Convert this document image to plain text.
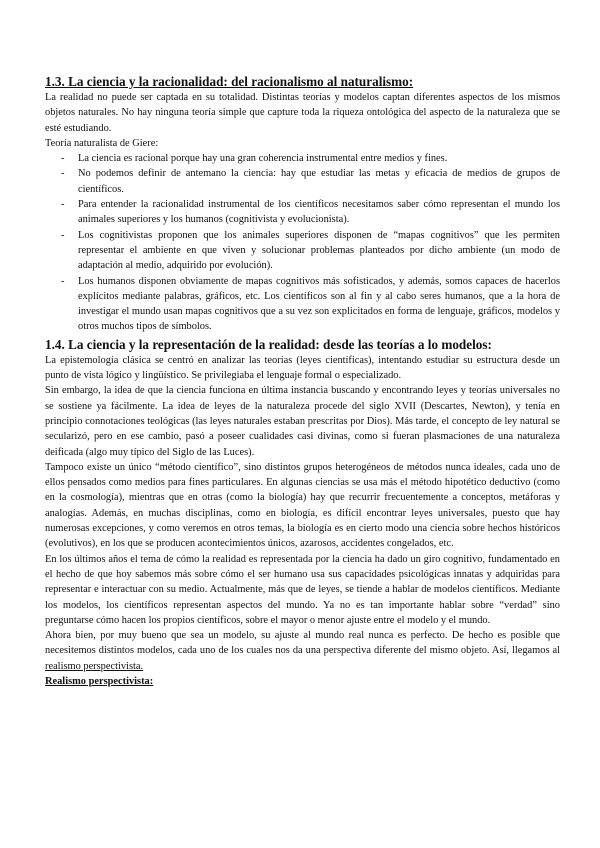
1.3. La ciencia y la racionalidad: del racionalismo al naturalismo:

La realidad no puede ser captada en su totalidad. Distintas teorías y modelos captan diferentes aspectos de los mismos objetos naturales. No hay ninguna teoría simple que capture toda la riqueza ontológica del aspecto de la naturaleza que se esté estudiando.

Teoría naturalista de Giere:

- La ciencia es racional porque hay una gran coherencia instrumental entre medios y fines.
- No podemos definir de antemano la ciencia: hay que estudiar las metas y eficacia de medios de grupos de científicos.
- Para entender la racionalidad instrumental de los científicos necesitamos saber cómo representan el mundo los animales superiores y los humanos (cognitivista y evolucionista).
- Los cognitivistas proponen que los animales superiores disponen de “mapas cognitivos” que les permiten representar el ambiente en que viven y solucionar problemas planteados por dicho ambiente (un modo de adaptación al medio, adquirido por evolución).
- Los humanos disponen obviamente de mapas cognitivos más sofisticados, y además, somos capaces de hacerlos explícitos mediante palabras, gráficos, etc. Los científicos son al fin y al cabo seres humanos, que a la hora de investigar el mundo usan mapas cognitivos que a su vez son explicitados en forma de lenguaje, gráficos, modelos y otros muchos tipos de símbolos.
1.4. La ciencia y la representación de la realidad: desde las teorías a lo modelos:

La epistemología clásica se centró en analizar las teorías (leyes científicas), intentando estudiar su estructura desde un punto de vista lógico y lingüístico. Se privilegiaba el lenguaje formal o especializado.

Sin embargo, la idea de que la ciencia funciona en última instancia buscando y encontrando leyes y teorías universales no se sostiene ya fácilmente. La idea de leyes de la naturaleza procede del siglo XVII (Descartes, Newton), y tenía en principio connotaciones teológicas (las leyes naturales estaban prescritas por Dios). Más tarde, el concepto de ley natural se secularizó, pero en ese cambio, pasó a poseer cualidades casi divinas, como si fueran plasmaciones de una naturaleza deificada (algo muy típico del Siglo de las Luces).

Tampoco existe un único “método científico”, sino distintos grupos heterogéneos de métodos nunca ideales, cada uno de ellos pensados como medios para fines particulares. En algunas ciencias se usa más el método hipotético deductivo (como en la cosmología), mientras que en otras (como la biología) hay que recurrir frecuentemente a conceptos, metáforas y analogías. Además, en muchas disciplinas, como en biología, es difícil encontrar leyes universales, puesto que hay numerosas excepciones, y como veremos en otros temas, la biología es en cierto modo una ciencia sobre hechos históricos (evolutivos), en los que se producen acontecimientos únicos, azarosos, accidentes congelados, etc.

En los últimos años el tema de cómo la realidad es representada por la ciencia ha dado un giro cognitivo, fundamentado en el hecho de que hoy sabemos más sobre cómo el ser humano usa sus capacidades psicológicas innatas y adquiridas para representar e interactuar con su medio. Actualmente, más que de leyes, se tiende a hablar de modelos científicos. Mediante los modelos, los científicos representan aspectos del mundo. Ya no es tan importante hablar sobre “verdad” sino preguntarse cómo hacen los propios científicos, sobre el mayor o menor ajuste entre el modelo y el mundo.

Ahora bien, por muy bueno que sea un modelo, su ajuste al mundo real nunca es perfecto. De hecho es posible que necesitemos distintos modelos, cada uno de los cuales nos da una perspectiva diferente del mismo objeto. Así, llegamos al realismo perspectivista.

Realismo perspectivista:
